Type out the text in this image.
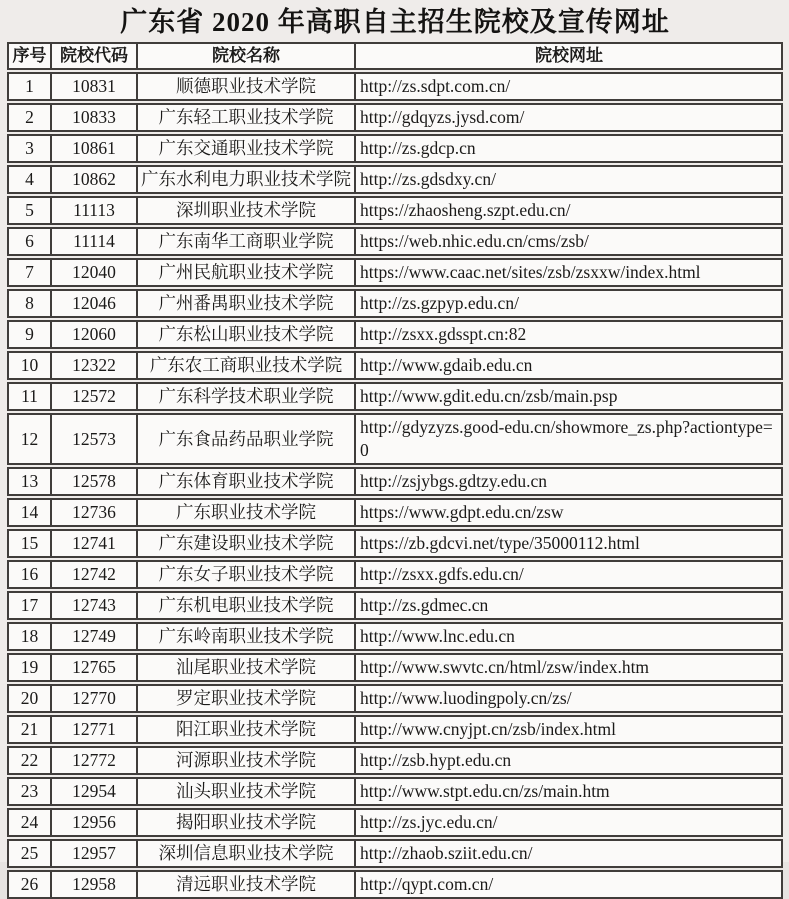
广东省 2020 年高职自主招生院校及宣传网址
序号 院校代码	院校名称	院校网址
1	10831	顺德职业技术学院	http://zs.sdpt.com.cn/
2	10833	广东轻工职业技术学院	http://gdqyzs.jysd.com/
3	10861	广东交通职业技术学院	http://zs.gdcp.cn
4	10862	广东水利电力职业技术学院 http://zs.gdsdxy.cn/
5	11113	深圳职业技术学院	https://zhaosheng.szpt.edu.cn/
6	11114	广东南华工商职业学院	https://web.nhic.edu.cn/cms/zsb/
7	12040	广州民航职业技术学院	https://www.caac.net/sites/zsb/zsxxw/index.html
8	12046	广州番禺职业技术学院	http://zs.gzpyp.edu.cn/
9	12060	广东松山职业技术学院	http://zsxx.gdsspt.cn:82
10	12322	广东农工商职业技术学院	http://www.gdaib.edu.cn
11	12572	广东科学技术职业学院	http://www.gdit.edu.cn/zsb/main.psp
12	12573	广东食品药品职业学院
http://gdyzyzs.good-edu.cn/showmore_zs.php?actiontype=0
13	12578	广东体育职业技术学院	http://zsjybgs.gdtzy.edu.cn
14	12736	广东职业技术学院	https://www.gdpt.edu.cn/zsw
15	12741	广东建设职业技术学院	https://zb.gdcvi.net/type/35000112.html
16	12742	广东女子职业技术学院	http://zsxx.gdfs.edu.cn/
17	12743	广东机电职业技术学院	http://zs.gdmec.cn
18	12749	广东岭南职业技术学院	http://www.lnc.edu.cn
19	12765	汕尾职业技术学院	http://www.swvtc.cn/html/zsw/index.htm
20	12770	罗定职业技术学院	http://www.luodingpoly.cn/zs/
21	12771	阳江职业技术学院	http://www.cnyjpt.cn/zsb/index.html
22	12772	河源职业技术学院	http://zsb.hypt.edu.cn
23	12954	汕头职业技术学院	http://www.stpt.edu.cn/zs/main.htm
24	12956	揭阳职业技术学院	http://zs.jyc.edu.cn/
25	12957	深圳信息职业技术学院	http://zhaob.sziit.edu.cn/
26	12958	清远职业技术学院	http://qypt.com.cn/
